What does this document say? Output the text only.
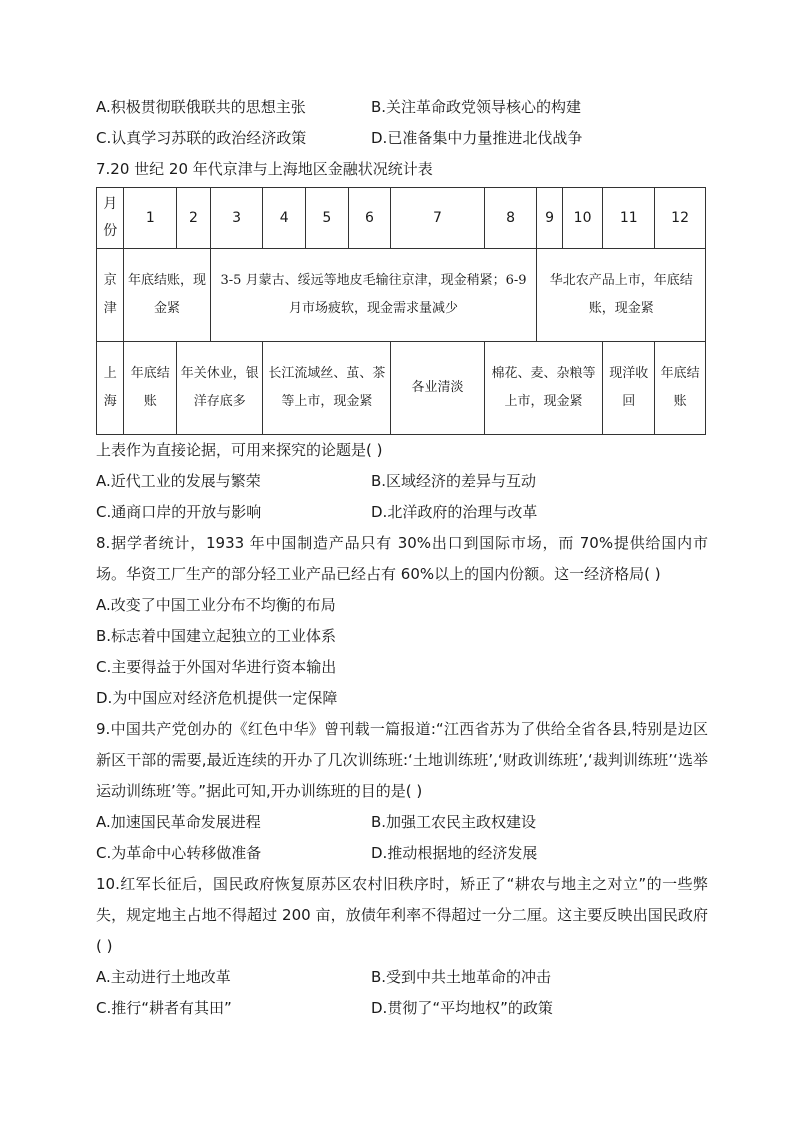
A.积极贯彻联俄联共的思想主张	B.关注革命政党领导核心的构建
C.认真学习苏联的政治经济政策	D.已准备集中力量推进北伐战争
7.20 世纪 20 年代京津与上海地区金融状况统计表
月份	1	2	3	4	5	6	7	8	9	10	11	12
京津	年底结账，现金紧		3-5 月蒙古、绥远等地皮毛输往京津，现金稍紧；6-9 月市场疲软，现金需求量减少						华北农产品上市，年底结账，现金紧			
上海	年底结账	年关休业，银洋存底多		长江流域丝、茧、茶等上市，现金紧			各业清淡	棉花、麦、杂粮等上市，现金紧			现洋收回	年底结账
上表作为直接论据，可用来探究的论题是( )
A.近代工业的发展与繁荣	B.区域经济的差异与互动
C.通商口岸的开放与影响	D.北洋政府的治理与改革
8.据学者统计，1933 年中国制造产品只有 30%出口到国际市场，而 70%提供给国内市场。华资工厂生产的部分轻工业产品已经占有 60%以上的国内份额。这一经济格局( )
A.改变了中国工业分布不均衡的布局
B.标志着中国建立起独立的工业体系
C.主要得益于外国对华进行资本输出
D.为中国应对经济危机提供一定保障
9.中国共产党创办的《红色中华》曾刊载一篇报道:“江西省苏为了供给全省各县,特别是边区新区干部的需要,最近连续的开办了几次训练班:‘土地训练班’,‘财政训练班’,‘裁判训练班’‘选举运动训练班’等。”据此可知,开办训练班的目的是( )
A.加速国民革命发展进程	B.加强工农民主政权建设
C.为革命中心转移做准备	D.推动根据地的经济发展
10.红军长征后，国民政府恢复原苏区农村旧秩序时，矫正了“耕农与地主之对立”的一些弊失，规定地主占地不得超过 200 亩，放债年利率不得超过一分二厘。这主要反映出国民政府( )
A.主动进行土地改革	B.受到中共土地革命的冲击
C.推行“耕者有其田”	D.贯彻了“平均地权”的政策
